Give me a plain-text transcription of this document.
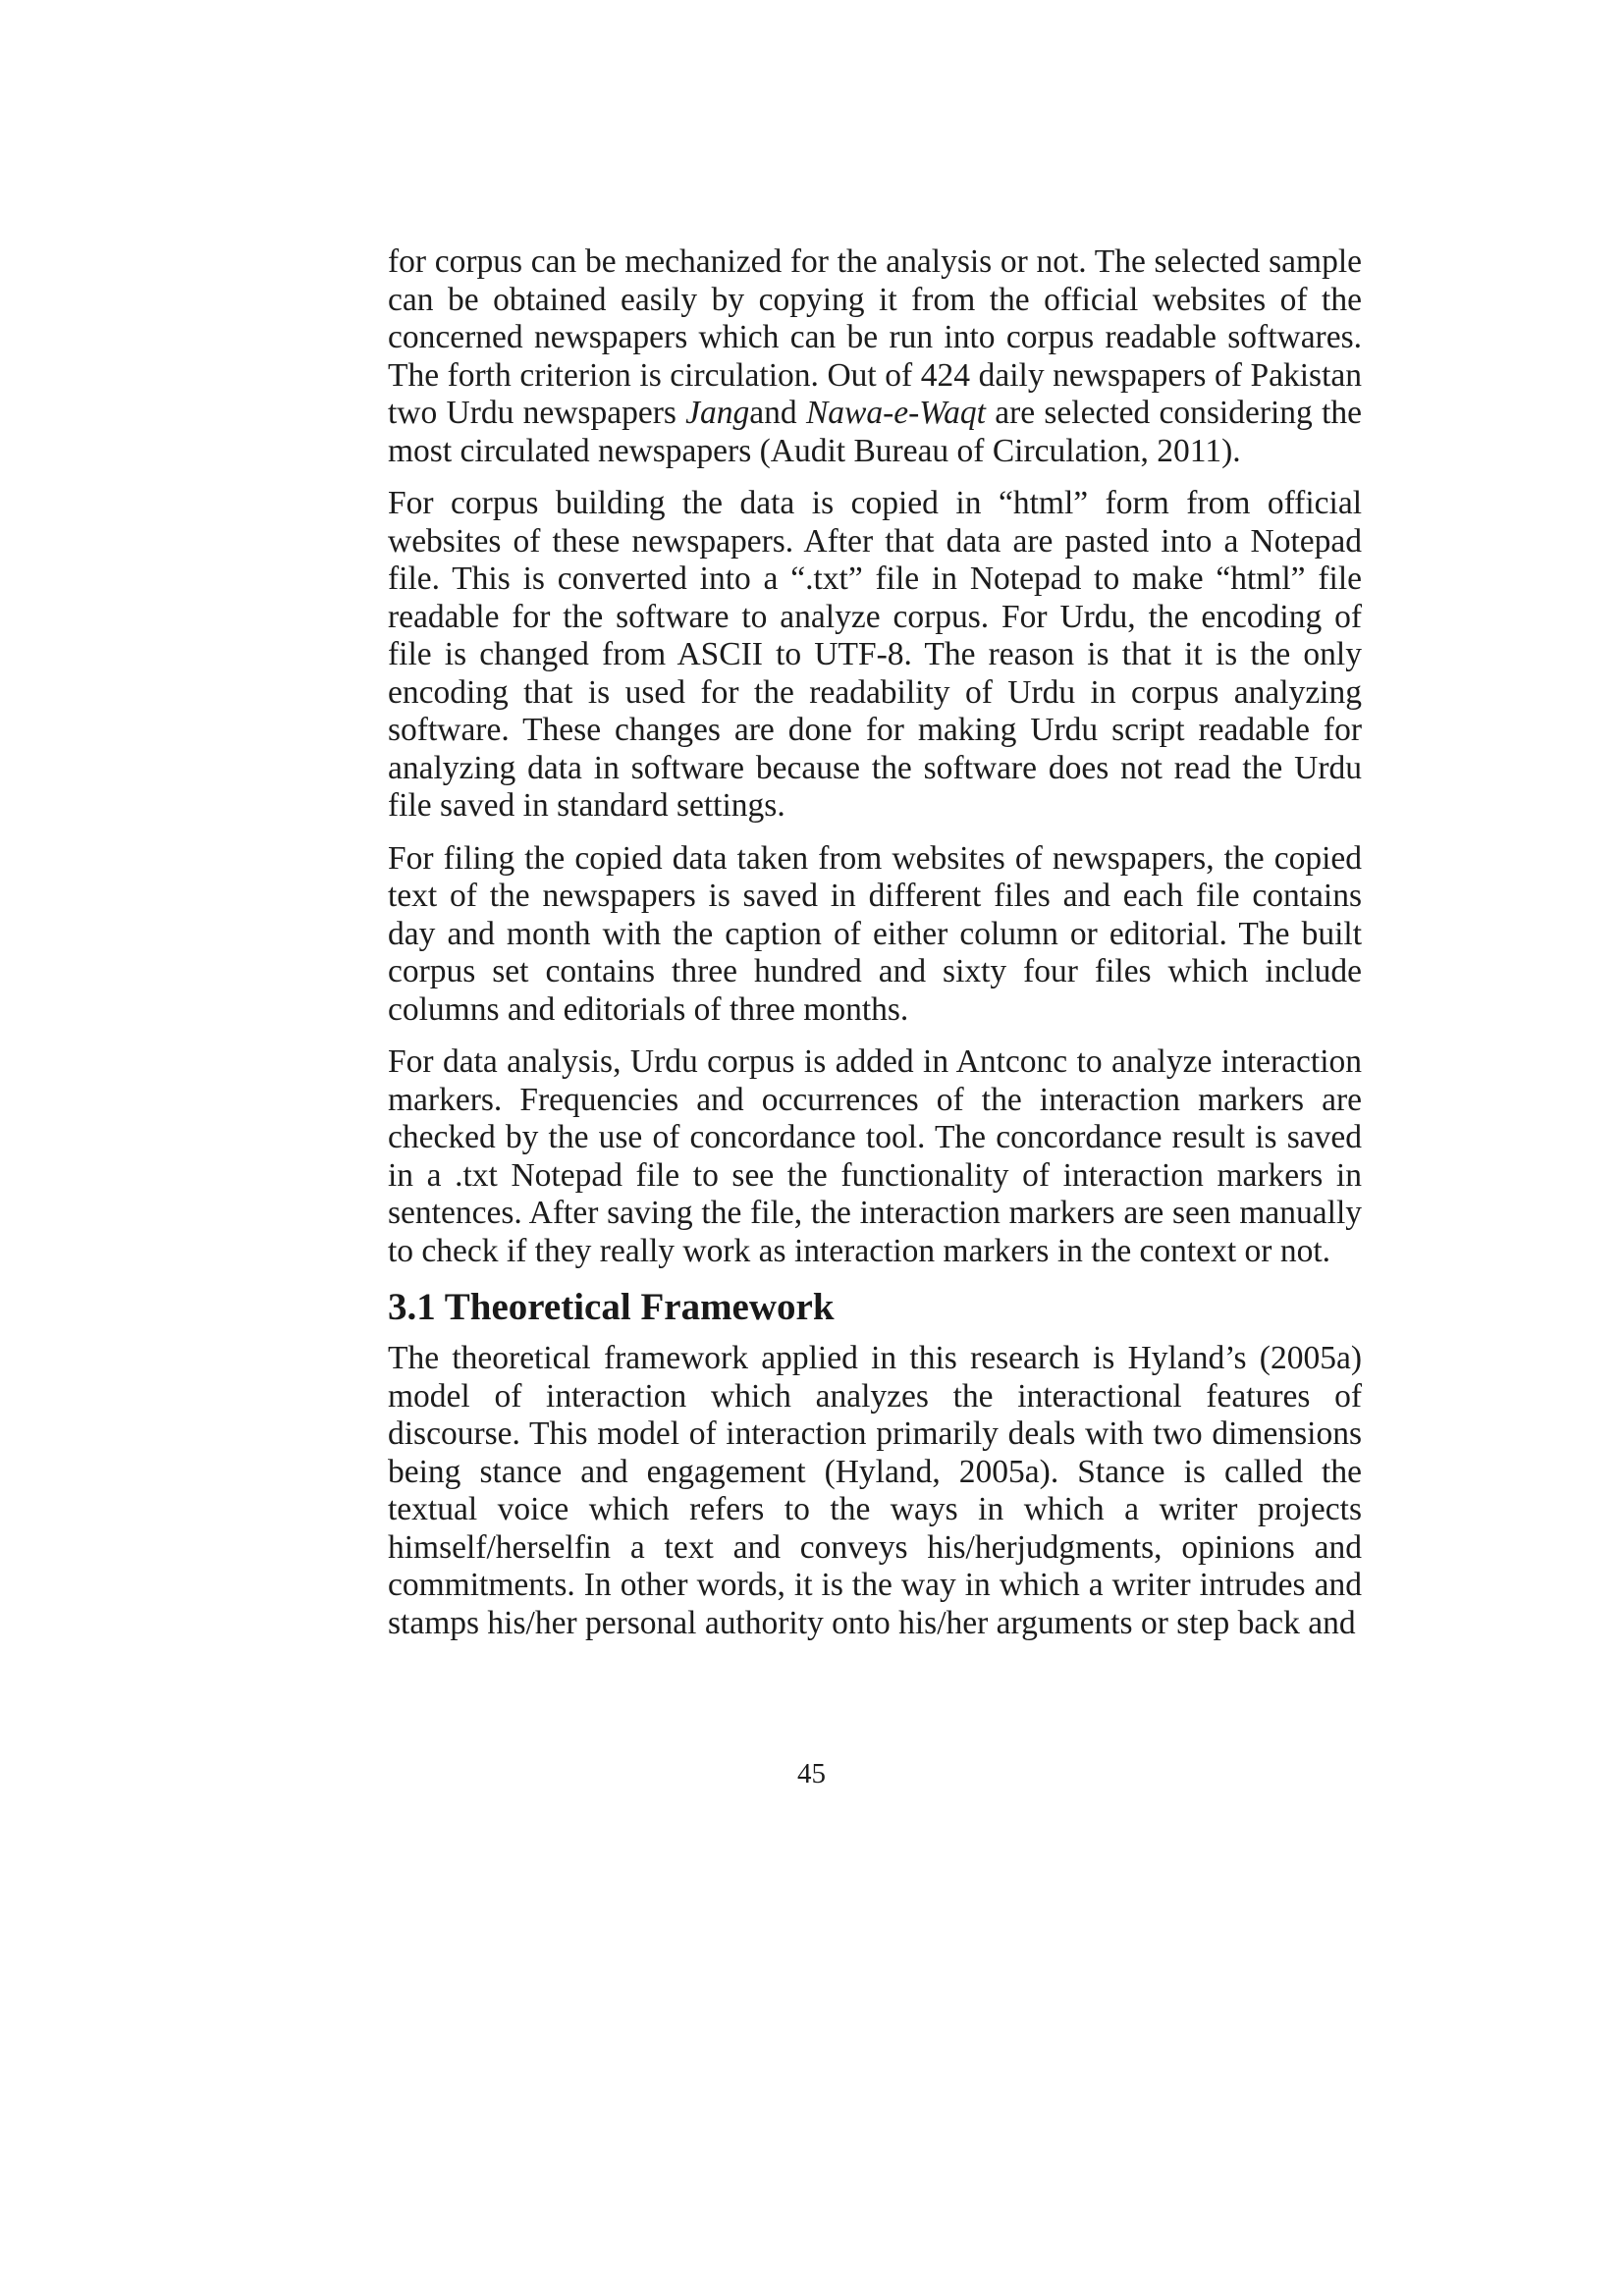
for corpus can be mechanized for the analysis or not. The selected sample can be obtained easily by copying it from the official websites of the concerned newspapers which can be run into corpus readable softwares. The forth criterion is circulation. Out of 424 daily newspapers of Pakistan two Urdu newspapers Jangand Nawa-e-Waqt are selected considering the most circulated newspapers (Audit Bureau of Circulation, 2011).

For corpus building the data is copied in “html” form from official websites of these newspapers. After that data are pasted into a Notepad file. This is converted into a “.txt” file in Notepad to make “html” file readable for the software to analyze corpus. For Urdu, the encoding of file is changed from ASCII to UTF-8. The reason is that it is the only encoding that is used for the readability of Urdu in corpus analyzing software. These changes are done for making Urdu script readable for analyzing data in software because the software does not read the Urdu file saved in standard settings.

For filing the copied data taken from websites of newspapers, the copied text of the newspapers is saved in different files and each file contains day and month with the caption of either column or editorial. The built corpus set contains three hundred and sixty four files which include columns and editorials of three months.

For data analysis, Urdu corpus is added in Antconc to analyze interaction markers. Frequencies and occurrences of the interaction markers are checked by the use of concordance tool. The concordance result is saved in a .txt Notepad file to see the functionality of interaction markers in sentences. After saving the file, the interaction markers are seen manually to check if they really work as interaction markers in the context or not.

3.1 Theoretical Framework

The theoretical framework applied in this research is Hyland’s (2005a) model of interaction which analyzes the interactional features of discourse. This model of interaction primarily deals with two dimensions being stance and engagement (Hyland, 2005a). Stance is called the textual voice which refers to the ways in which a writer projects himself/herselfin a text and conveys his/herjudgments, opinions and commitments. In other words, it is the way in which a writer intrudes and stamps his/her personal authority onto his/her arguments or step back and

45
